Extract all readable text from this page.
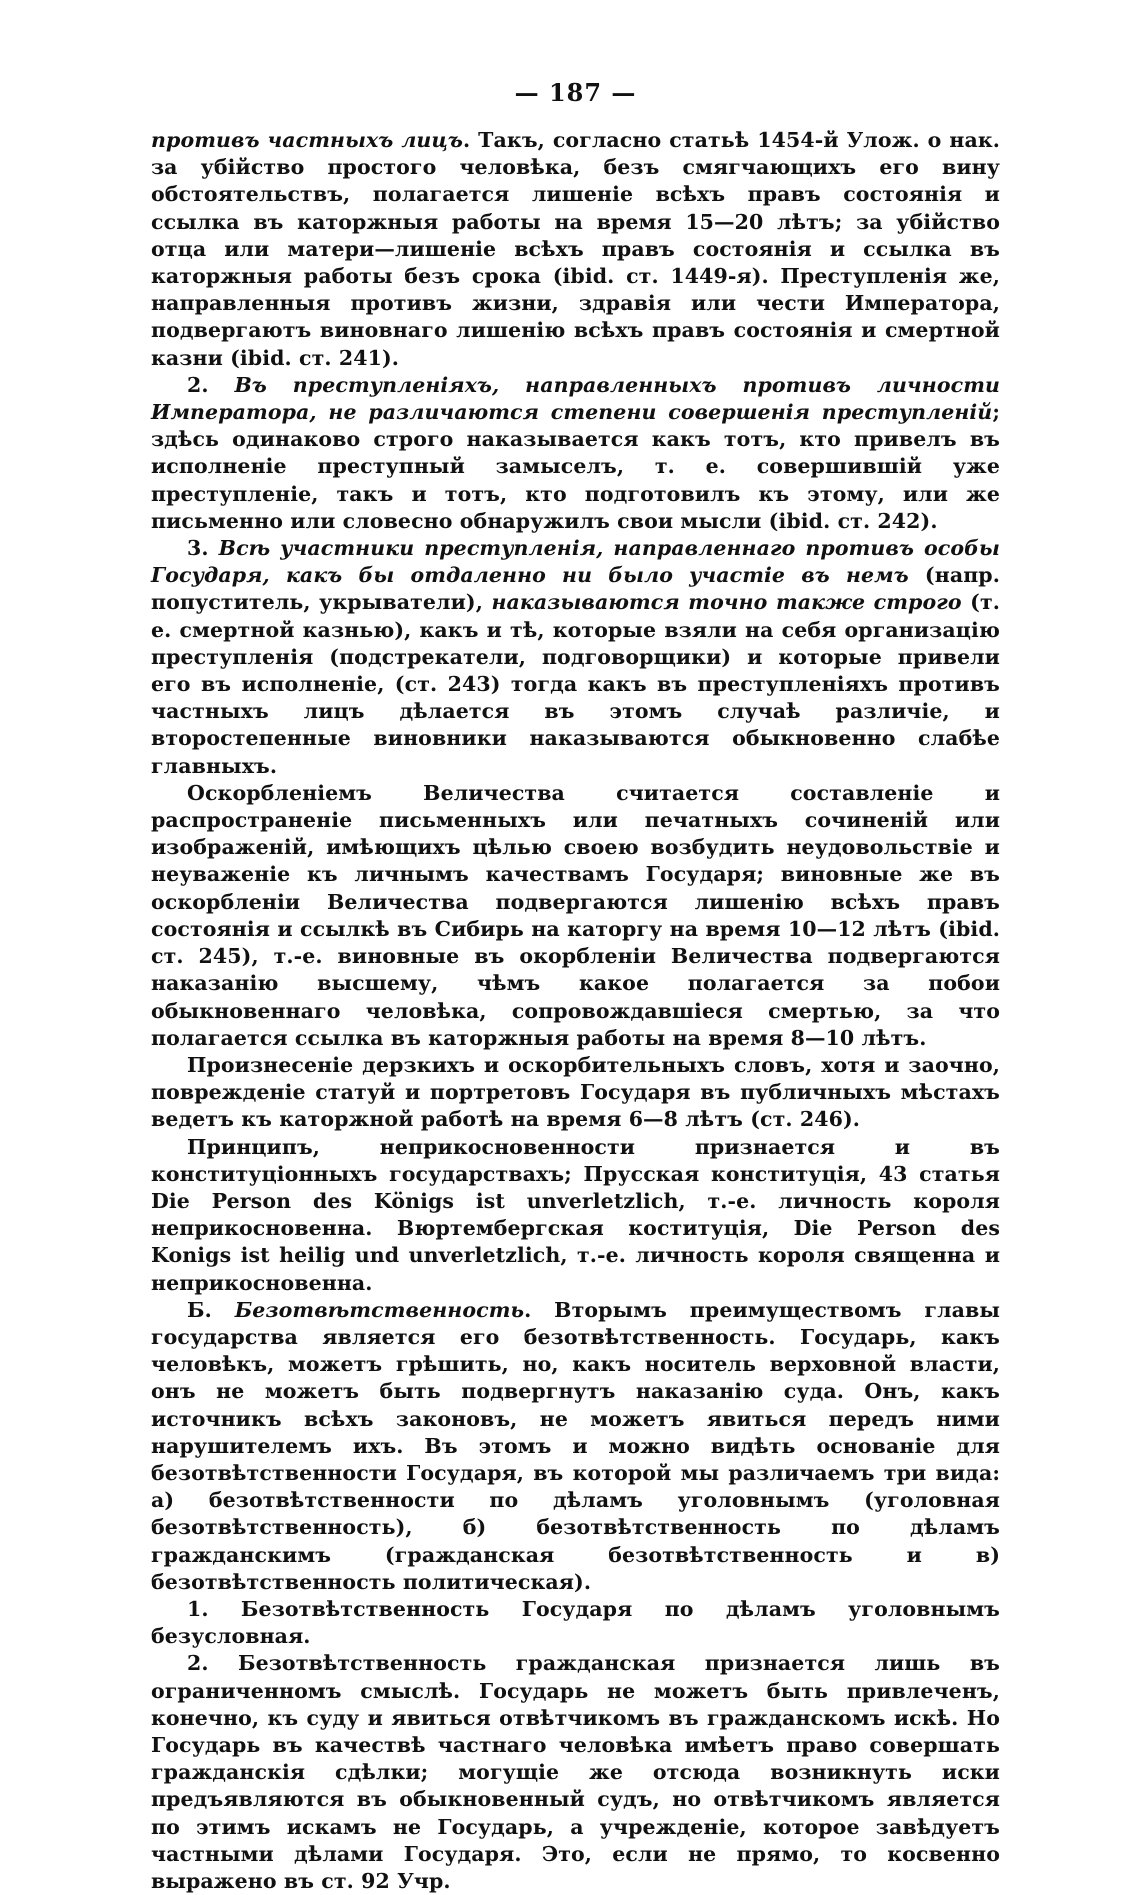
— 187 —

противъ частныхъ лицъ. Такъ, согласно статьѣ 1454-й Улож. о нак. за убійство простого человѣка, безъ смягчающихъ его вину обстоятельствъ, полагается лишеніе всѣхъ правъ состоянія и ссылка въ каторжныя работы на время 15—20 лѣтъ; за убійство отца или матери—лишеніе всѣхъ правъ состоянія и ссылка въ каторжныя работы безъ срока (ibid. ст. 1449-я). Преступленія же, направленныя противъ жизни, здравія или чести Императора, подвергаютъ виновнаго лишенію всѣхъ правъ состоянія и смертной казни (ibid. ст. 241).

2. Въ преступленіяхъ, направленныхъ противъ личности Императора, не различаются степени совершенія преступленій; здѣсь одинаково строго наказывается какъ тотъ, кто привелъ въ исполненіе преступный замыселъ, т. е. совершившій уже преступленіе, такъ и тотъ, кто подготовилъ къ этому, или же письменно или словесно обнаружилъ свои мысли (ibid. ст. 242).

3. Всѣ участники преступленія, направленнаго противъ особы Государя, какъ бы отдаленно ни было участіе въ немъ (напр. попуститель, укрыватели), наказываются точно также строго (т. е. смертной казнью), какъ и тѣ, которые взяли на себя организацію преступленія (подстрекатели, подговорщики) и которые привели его въ исполненіе, (ст. 243) тогда какъ въ преступленіяхъ противъ частныхъ лицъ дѣлается въ этомъ случаѣ различіе, и второстепенные виновники наказываются обыкновенно слабѣе главныхъ.

Оскорбленіемъ Величества считается составленіе и распространеніе письменныхъ или печатныхъ сочиненій или изображеній, имѣющихъ цѣлью своею возбудить неудовольствіе и неуваженіе къ личнымъ качествамъ Государя; виновные же въ оскорбленіи Величества подвергаются лишенію всѣхъ правъ состоянія и ссылкѣ въ Сибирь на каторгу на время 10—12 лѣтъ (ibid. ст. 245), т.-е. виновные въ окорбленіи Величества подвергаются наказанію высшему, чѣмъ какое полагается за побои обыкновеннаго человѣка, сопровождавшіеся смертью, за что полагается ссылка въ каторжныя работы на время 8—10 лѣтъ.

Произнесеніе дерзкихъ и оскорбительныхъ словъ, хотя и заочно, поврежденіе статуй и портретовъ Государя въ публичныхъ мѣстахъ ведетъ къ каторжной работѣ на время 6—8 лѣтъ (ст. 246).

Принципъ, неприкосновенности признается и въ конституціонныхъ государствахъ; Прусская конституція, 43 статья Die Person des Königs ist unverletzlich, т.-е. личность короля неприкосновенна. Вюртембергская коституція, Die Person des Konigs ist heilig und unverletzlich, т.-е. личность короля священна и неприкосновенна.

Б. Безотвѣтственность. Вторымъ преимуществомъ главы государства является его безотвѣтственность. Государь, какъ человѣкъ, можетъ грѣшить, но, какъ носитель верховной власти, онъ не можетъ быть подвергнутъ наказанію суда. Онъ, какъ источникъ всѣхъ законовъ, не можетъ явиться передъ ними нарушителемъ ихъ. Въ этомъ и можно видѣть основаніе для безотвѣтственности Государя, въ которой мы различаемъ три вида: а) безотвѣтственности по дѣламъ уголовнымъ (уголовная безотвѣтственность), б) безотвѣтственность по дѣламъ гражданскимъ (гражданская безотвѣтственность и в) безотвѣтственность политическая).

1. Безотвѣтственность Государя по дѣламъ уголовнымъ безусловная.

2. Безотвѣтственность гражданская признается лишь въ ограниченномъ смыслѣ. Государь не можетъ быть привлеченъ, конечно, къ суду и явиться отвѣтчикомъ въ гражданскомъ искѣ. Но Государь въ качествѣ частнаго человѣка имѣетъ право совершать гражданскія сдѣлки; могущіе же отсюда возникнуть иски предъявляются въ обыкновенный судъ, но отвѣтчикомъ является по этимъ искамъ не Государь, а учрежденіе, которое завѣдуетъ частными дѣлами Государя. Это, если не прямо, то косвенно выражено въ ст. 92 Учр.
